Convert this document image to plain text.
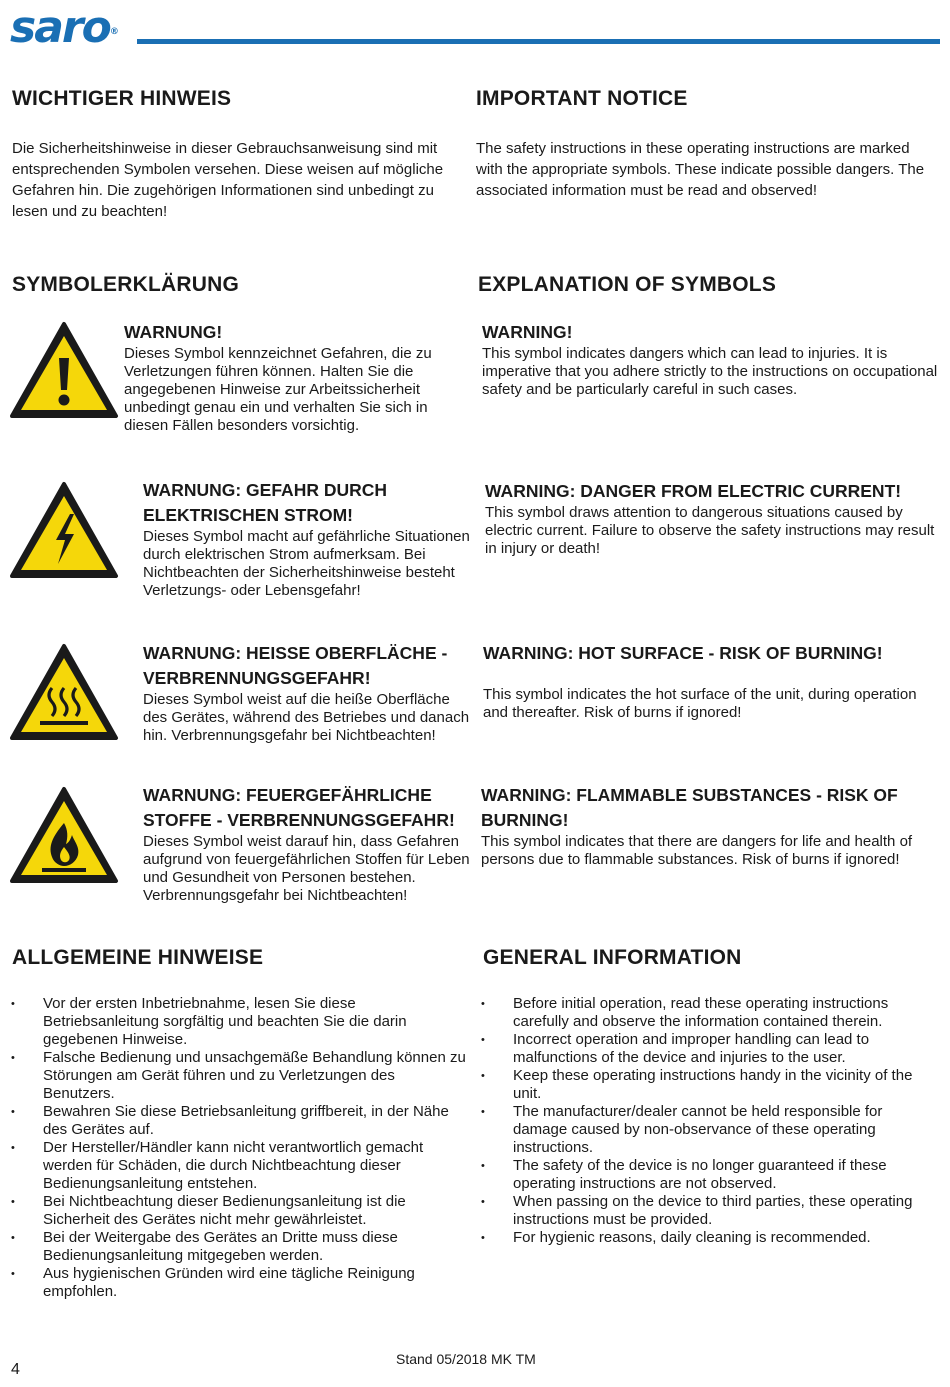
saro®
WICHTIGER HINWEIS	IMPORTANT NOTICE

Die Sicherheitshinweise in dieser Gebrauchsanweisung sind mit entsprechenden Symbolen versehen. Diese weisen auf mögliche Gefahren hin. Die zugehörigen Informationen sind unbedingt zu lesen und zu beachten!

The safety instructions in these operating instructions are marked with the appropriate symbols. These indicate possible dangers. The associated information must be read and observed!

SYMBOLERKLÄRUNG	EXPLANATION OF SYMBOLS
WARNUNG!
Dieses Symbol kennzeichnet Gefahren, die zu Verletzungen führen können. Halten Sie die angegebenen Hinweise zur Arbeitssicherheit unbedingt genau ein und verhalten Sie sich in diesen Fällen besonders vorsichtig.
WARNING!
This symbol indicates dangers which can lead to injuries. It is imperative that you adhere strictly to the instructions on occupational safety and be particularly careful in such cases.
WARNUNG: GEFAHR DURCH ELEKTRISCHEN STROM!
Dieses Symbol macht auf gefährliche Situationen durch elektrischen Strom aufmerksam. Bei Nichtbeachten der Sicherheitshinweise besteht Verletzungs- oder Lebensgefahr!
WARNING: DANGER FROM ELECTRIC CURRENT!
This symbol draws attention to dangerous situations caused by electric current. Failure to observe the safety instructions may result in injury or death!
WARNUNG: HEISSE OBERFLÄCHE - VERBRENNUNGSGEFAHR!
Dieses Symbol weist auf die heiße Oberfläche des Gerätes, während des Betriebes und danach hin. Verbrennungsgefahr bei Nichtbeachten!
WARNING: HOT SURFACE - RISK OF BURNING!
This symbol indicates the hot surface of the unit, during operation and thereafter. Risk of burns if ignored!
WARNUNG: FEUERGEFÄHRLICHE STOFFE - VERBRENNUNGSGEFAHR!
Dieses Symbol weist darauf hin, dass Gefahren aufgrund von feuergefährlichen Stoffen für Leben und Gesundheit von Personen bestehen. Verbrennungsgefahr bei Nichtbeachten!
WARNING: FLAMMABLE SUBSTANCES - RISK OF BURNING!
This symbol indicates that there are dangers for life and health of persons due to flammable substances. Risk of burns if ignored!
ALLGEMEINE HINWEISE	GENERAL INFORMATION
• Vor der ersten Inbetriebnahme, lesen Sie diese Betriebsanleitung sorgfältig und beachten Sie die darin gegebenen Hinweise.
• Falsche Bedienung und unsachgemäße Behandlung können zu Störungen am Gerät führen und zu Verletzungen des Benutzers.
• Bewahren Sie diese Betriebsanleitung griffbereit, in der Nähe des Gerätes auf.
• Der Hersteller/Händler kann nicht verantwortlich gemacht werden für Schäden, die durch Nichtbeachtung dieser Bedienungsanleitung entstehen.
• Bei Nichtbeachtung dieser Bedienungsanleitung ist die Sicherheit des Gerätes nicht mehr gewährleistet.
• Bei der Weitergabe des Gerätes an Dritte muss diese Bedienungsanleitung mitgegeben werden.
• Aus hygienischen Gründen wird eine tägliche Reinigung empfohlen.
• Before initial operation, read these operating instructions carefully and observe the information contained therein.
• Incorrect operation and improper handling can lead to malfunctions of the device and injuries to the user.
• Keep these operating instructions handy in the vicinity of the unit.
• The manufacturer/dealer cannot be held responsible for damage caused by non-observance of these operating instructions.
• The safety of the device is no longer guaranteed if these operating instructions are not observed.
• When passing on the device to third parties, these operating instructions must be provided.
• For hygienic reasons, daily cleaning is recommended.
4
Stand 05/2018 MK TM
